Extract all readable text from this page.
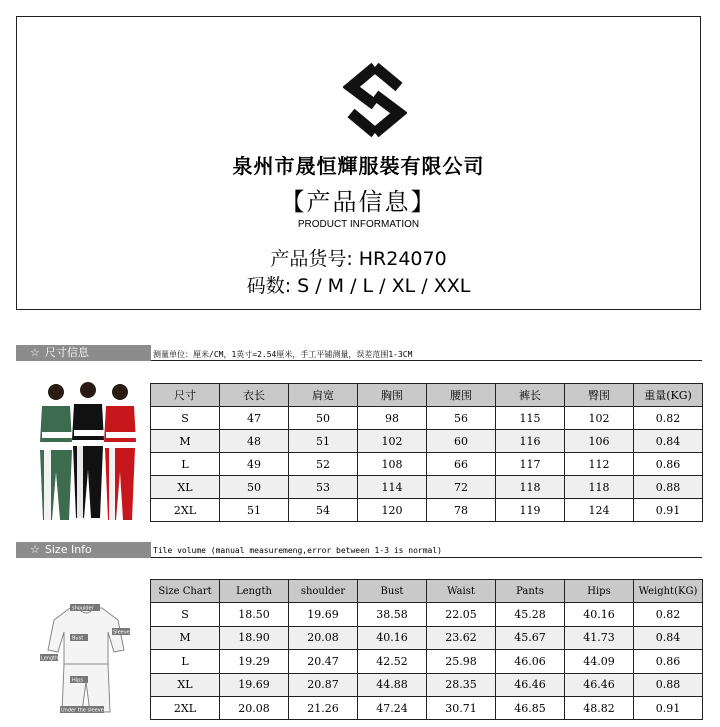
泉州市晟恒輝服裝有限公司
【产品信息】
PRODUCT INFORMATION
产品货号: HR24070
码数: S / M / L / XL / XXL
☆ 尺寸信息	测量单位：厘米/CM，1英寸=2.54厘米，手工平铺测量，误差范围1-3CM
尺寸	衣长	肩宽	胸围	腰围	裤长	臀围	重量(KG)
S	47	50	98	56	115	102	0.82
M	48	51	102	60	116	106	0.84
L	49	52	108	66	117	112	0.86
XL	50	53	114	72	118	118	0.88
2XL	51	54	120	78	119	124	0.91
☆ Size Info	Tile volume (manual measuremeng,error between 1-3 is normal)
shoulder
Bust
Length
Sleeve
Hips
Under the sleeve
Size Chart	Length	shoulder	Bust	Waist	Pants	Hips	Weight(KG)
S	18.50	19.69	38.58	22.05	45.28	40.16	0.82
M	18.90	20.08	40.16	23.62	45.67	41.73	0.84
L	19.29	20.47	42.52	25.98	46.06	44.09	0.86
XL	19.69	20.87	44.88	28.35	46.46	46.46	0.88
2XL	20.08	21.26	47.24	30.71	46.85	48.82	0.91
